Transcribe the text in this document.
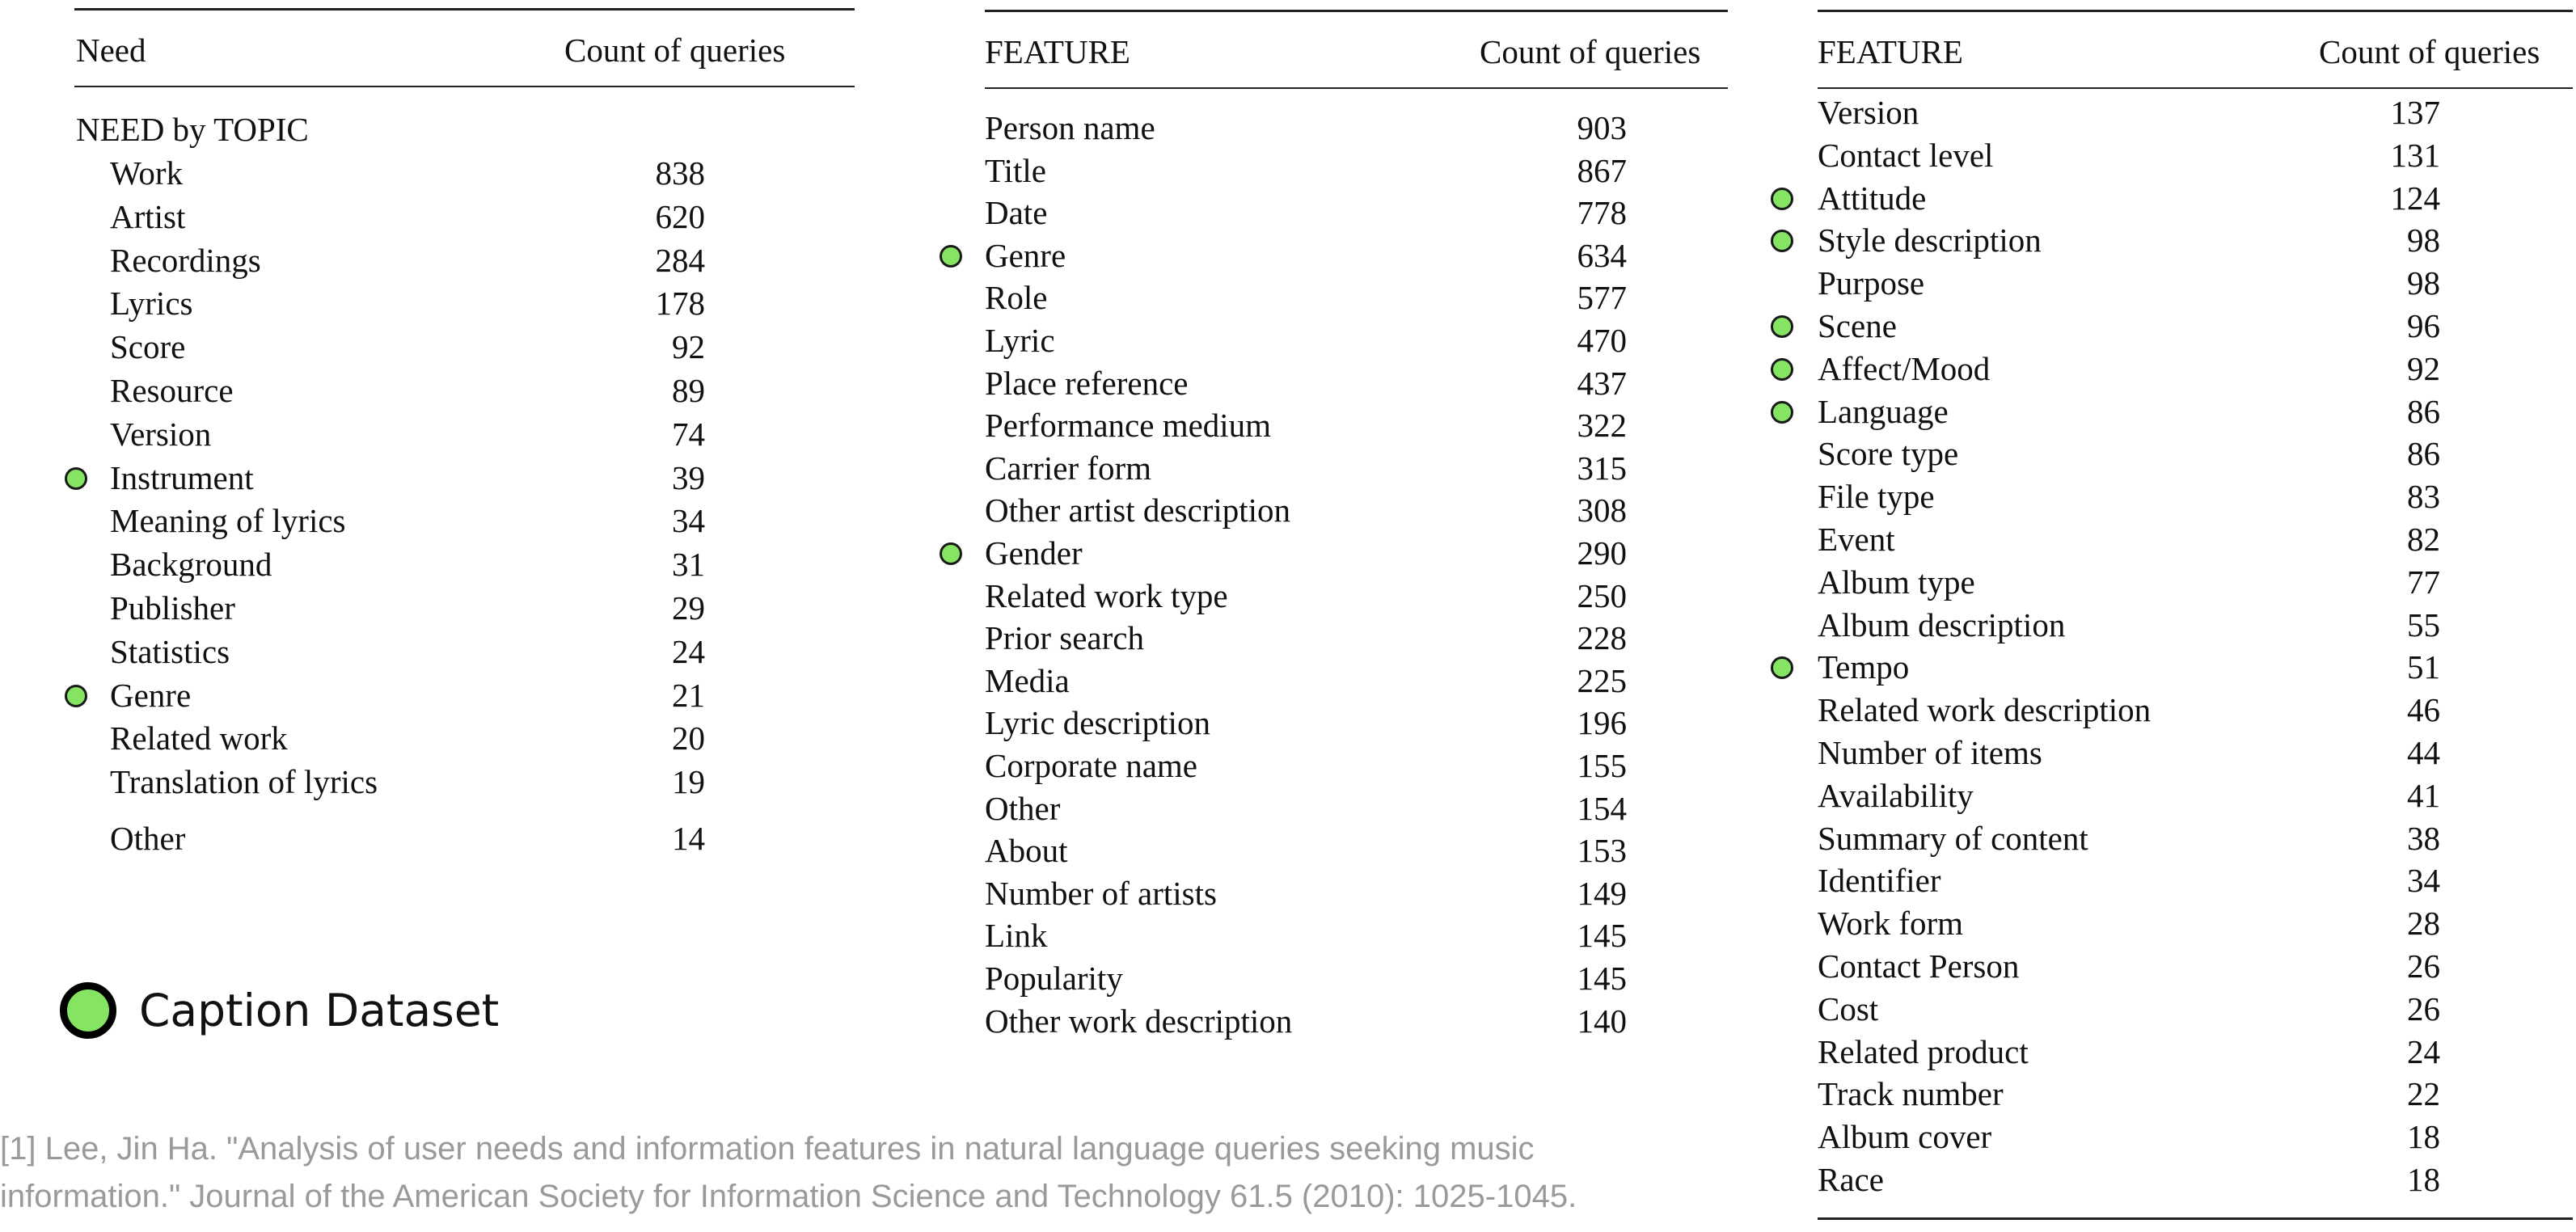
Need	Count of queries
NEED by TOPIC
Work	838
Artist	620
Recordings	284
Lyrics	178
Score	92
Resource	89
Version	74
Instrument	39
Meaning of lyrics	34
Background	31
Publisher	29
Statistics	24
Genre	21
Related work	20
Translation of lyrics	19
Other	14
FEATURE	Count of queries
Person name	903
Title	867
Date	778
Genre	634
Role	577
Lyric	470
Place reference	437
Performance medium	322
Carrier form	315
Other artist description	308
Gender	290
Related work type	250
Prior search	228
Media	225
Lyric description	196
Corporate name	155
Other	154
About	153
Number of artists	149
Link	145
Popularity	145
Other work description	140
FEATURE	Count of queries
Version	137
Contact level	131
Attitude	124
Style description	98
Purpose	98
Scene	96
Affect/Mood	92
Language	86
Score type	86
File type	83
Event	82
Album type	77
Album description	55
Tempo	51
Related work description	46
Number of items	44
Availability	41
Summary of content	38
Identifier	34
Work form	28
Contact Person	26
Cost	26
Related product	24
Track number	22
Album cover	18
Race	18
Caption Dataset
[1] Lee, Jin Ha. "Analysis of user needs and information features in natural language queries seeking music
information." Journal of the American Society for Information Science and Technology 61.5 (2010): 1025-1045.
